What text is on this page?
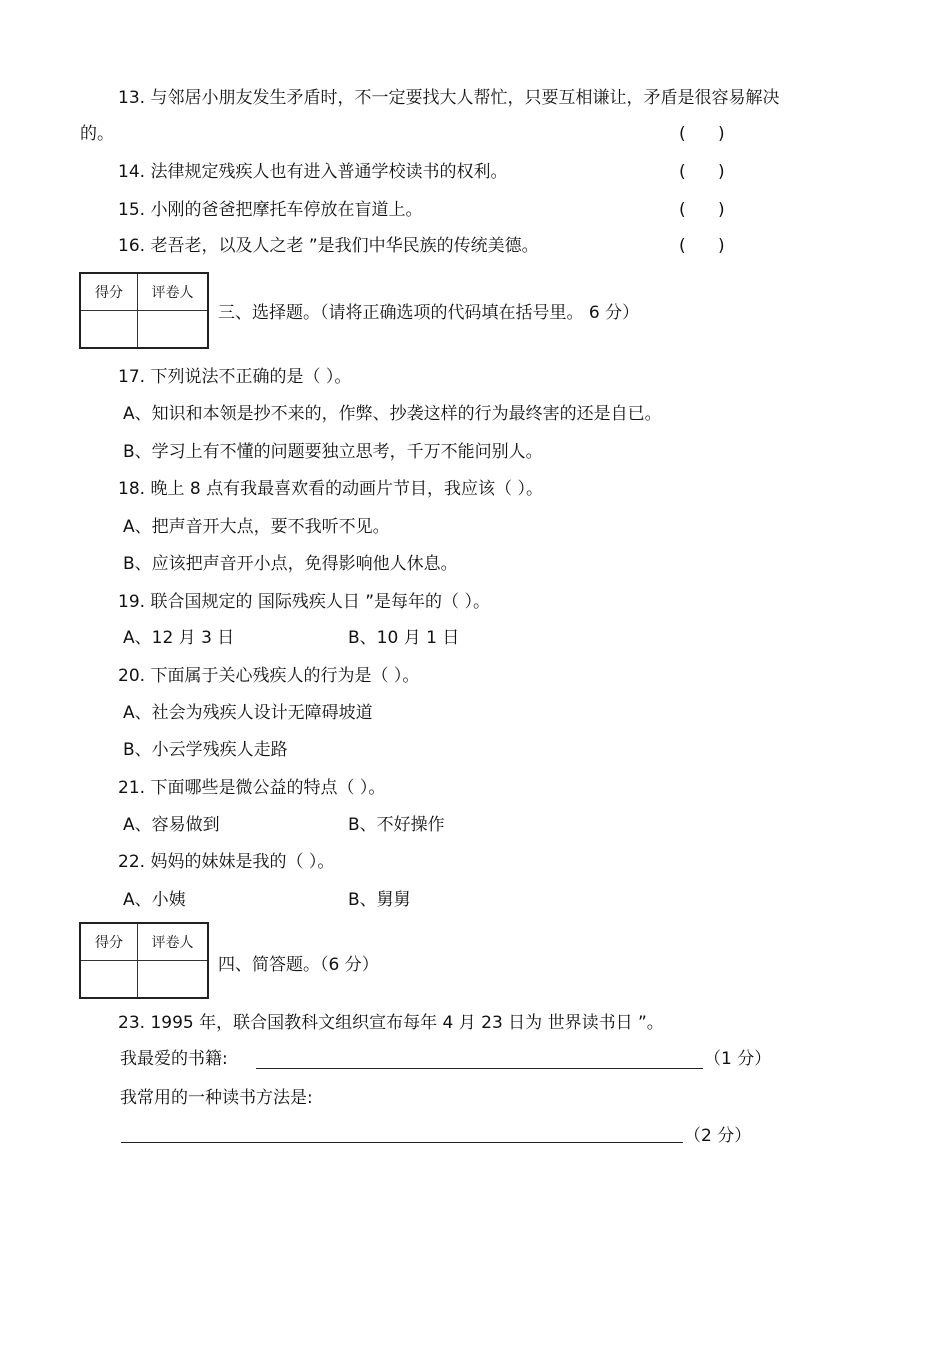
13. 与邻居小朋友发生矛盾时，不一定要找大人帮忙，只要互相谦让，矛盾是很容易解决
的。	(      )
14. 法律规定残疾人也有进入普通学校读书的权利。	(      )
15. 小刚的爸爸把摩托车停放在盲道上。	(      )
16. 老吾老，以及人之老 ”是我们中华民族的传统美德。	(      )
得分	评卷人

三、选择题。（请将正确选项的代码填在括号里。 6 分）
17. 下列说法不正确的是（ ）。
A、知识和本领是抄不来的，作弊、抄袭这样的行为最终害的还是自已。
B、学习上有不懂的问题要独立思考，千万不能问别人。
18. 晚上 8 点有我最喜欢看的动画片节目，我应该（ ）。
A、把声音开大点，要不我听不见。
B、应该把声音开小点，免得影响他人休息。
19. 联合国规定的 国际残疾人日 ”是每年的（ ）。
A、12 月 3 日	B、10 月 1 日
20. 下面属于关心残疾人的行为是（ ）。
A、社会为残疾人设计无障碍坡道
B、小云学残疾人走路
21. 下面哪些是微公益的特点（ ）。
A、容易做到	B、不好操作
22. 妈妈的妹妹是我的（ ）。
A、小姨	B、舅舅
得分	评卷人

四、简答题。（6 分）
23. 1995 年，联合国教科文组织宣布每年 4 月 23 日为 世界读书日 ”。
我最爱的书籍:	（1 分）
我常用的一种读书方法是:
（2 分）
